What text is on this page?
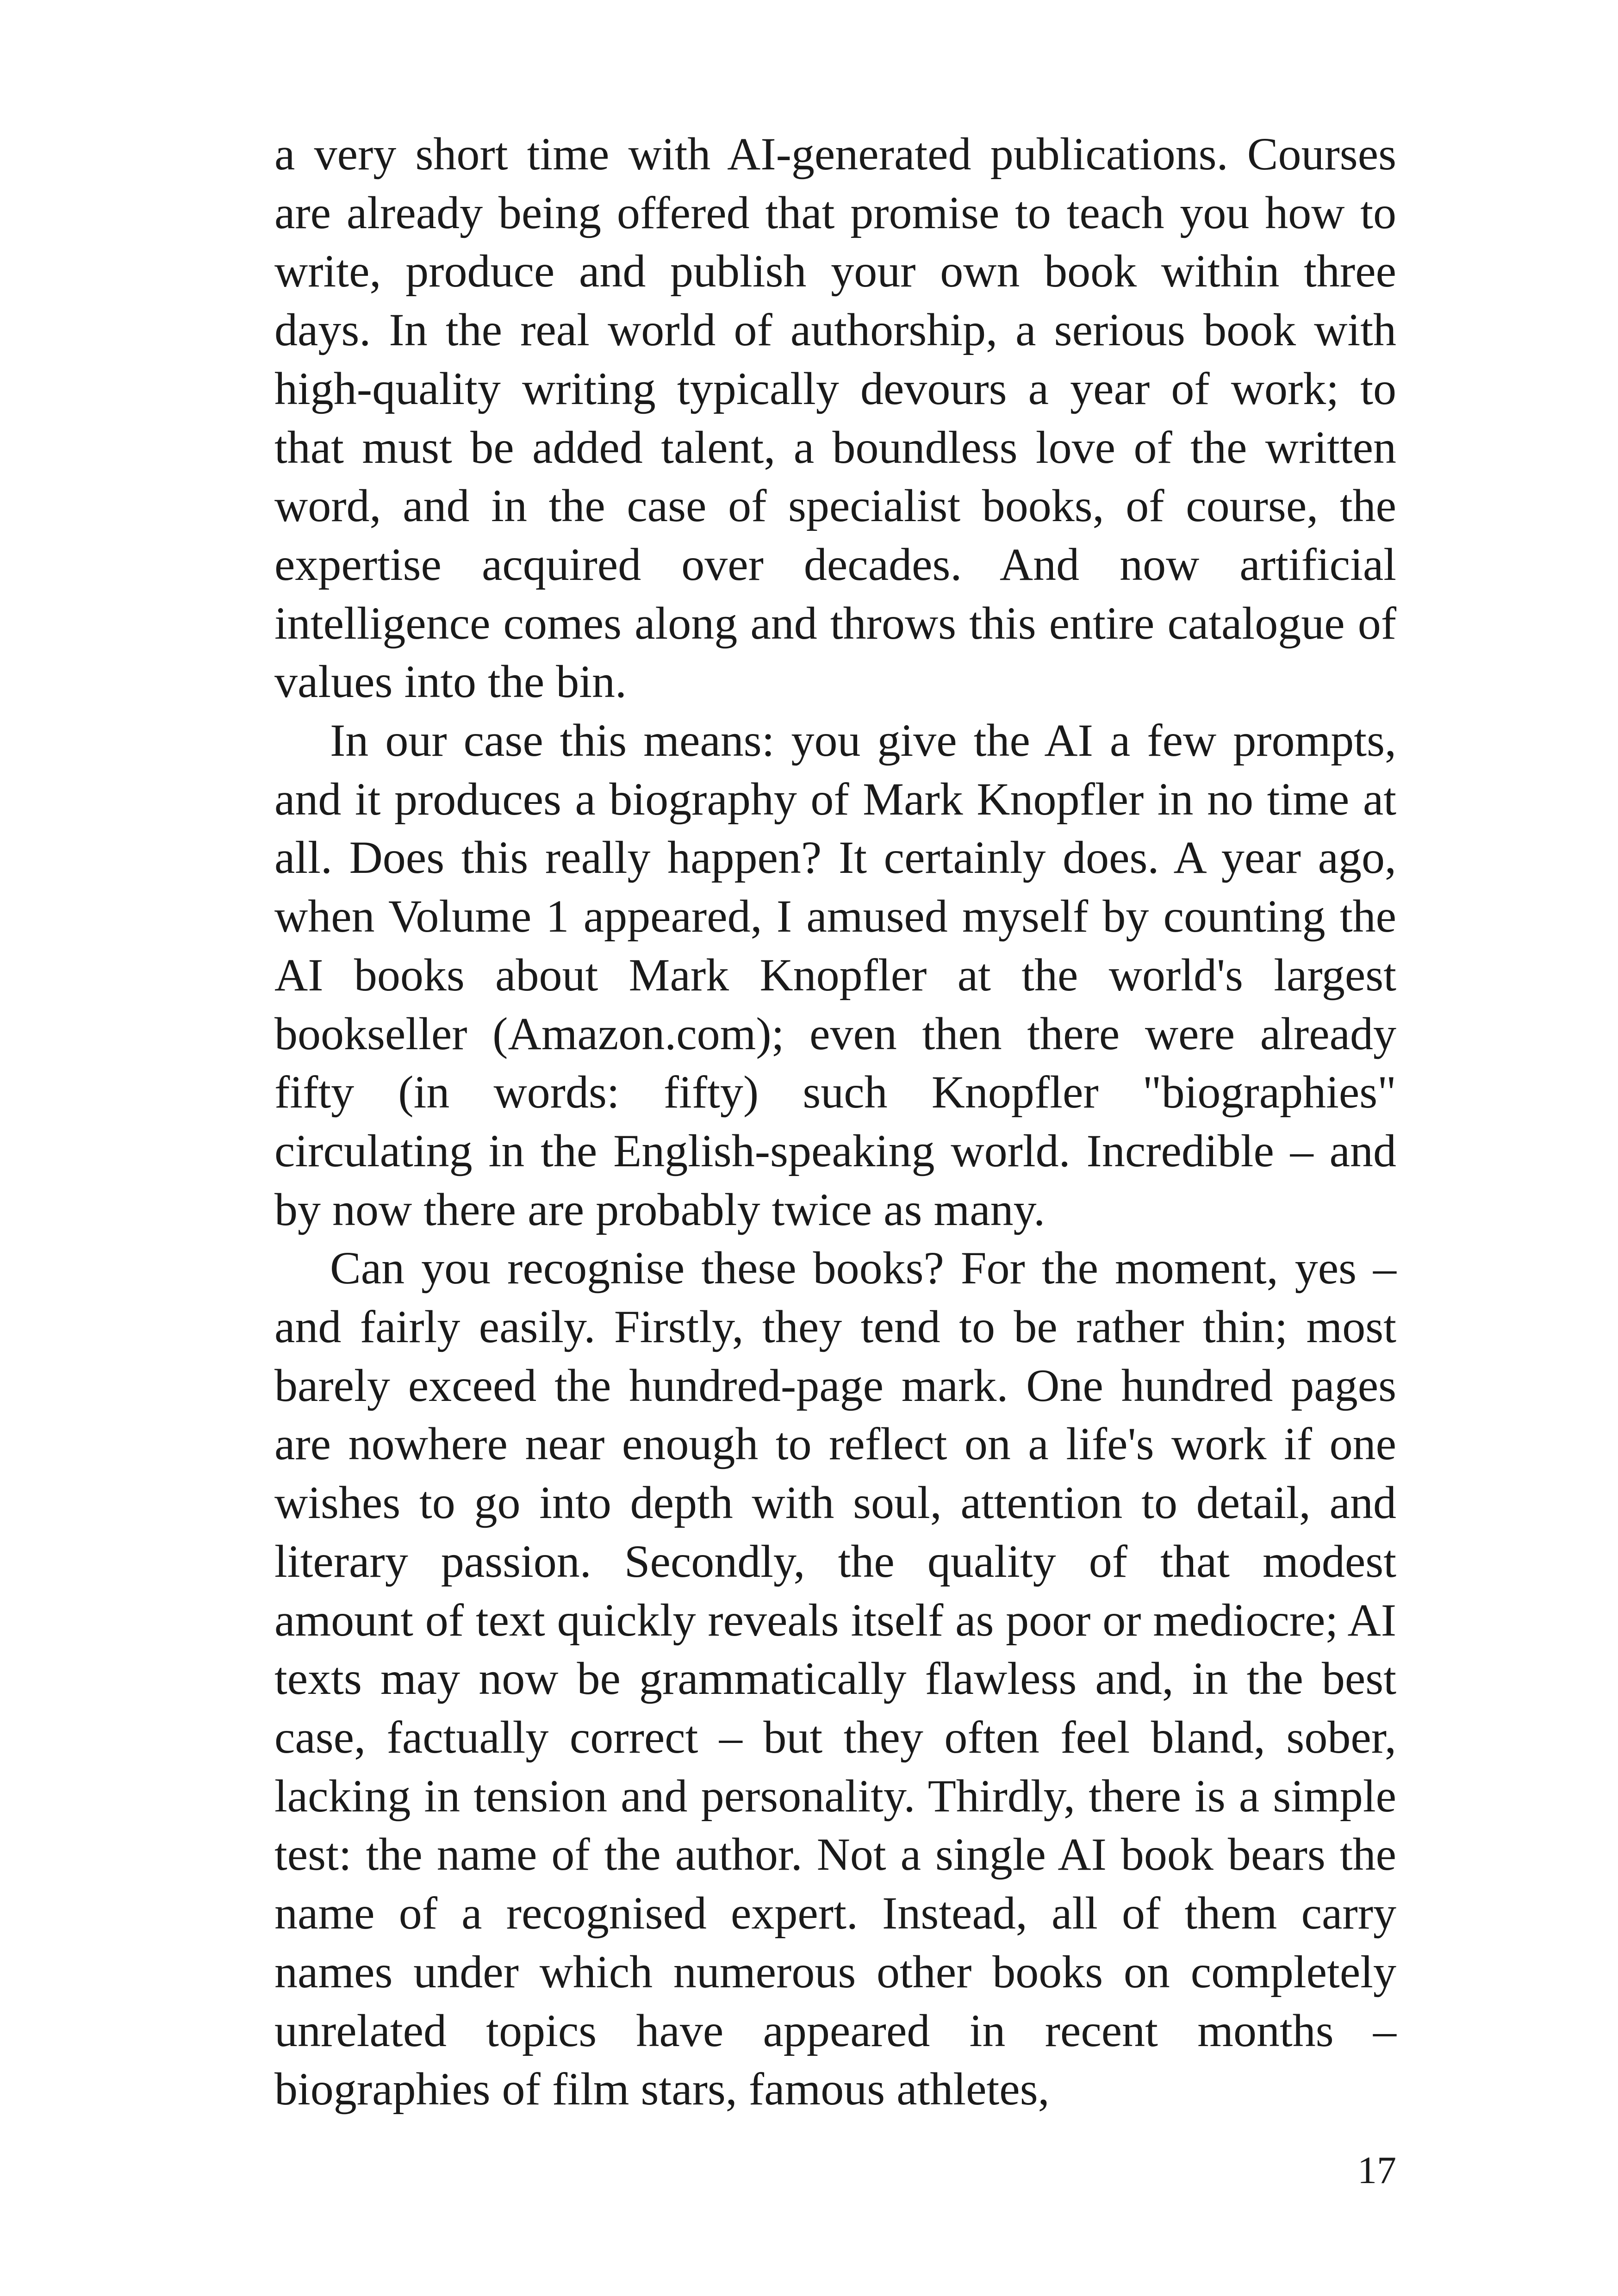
a very short time with AI-generated publications. Courses are already being offered that promise to teach you how to write, produce and publish your own book within three days. In the real world of authorship, a serious book with high-quality writing typically devours a year of work; to that must be added talent, a boundless love of the written word, and in the case of specialist books, of course, the expertise acquired over decades. And now artificial intelligence comes along and throws this entire catalogue of values into the bin.

In our case this means: you give the AI a few prompts, and it produces a biography of Mark Knopfler in no time at all. Does this really happen? It certainly does. A year ago, when Volume 1 appeared, I amused myself by counting the AI books about Mark Knopfler at the world's largest bookseller (Amazon.com); even then there were already fifty (in words: fifty) such Knopfler "biographies" circulating in the English-speaking world. Incredible – and by now there are probably twice as many.

Can you recognise these books? For the moment, yes – and fairly easily. Firstly, they tend to be rather thin; most barely exceed the hundred-page mark. One hundred pages are nowhere near enough to reflect on a life's work if one wishes to go into depth with soul, attention to detail, and literary passion. Secondly, the quality of that modest amount of text quickly reveals itself as poor or mediocre; AI texts may now be grammatically flawless and, in the best case, factually correct – but they often feel bland, sober, lacking in tension and personality. Thirdly, there is a simple test: the name of the author. Not a single AI book bears the name of a recognised expert. Instead, all of them carry names under which numerous other books on completely unrelated topics have appeared in recent months – biographies of film stars, famous athletes,

17
